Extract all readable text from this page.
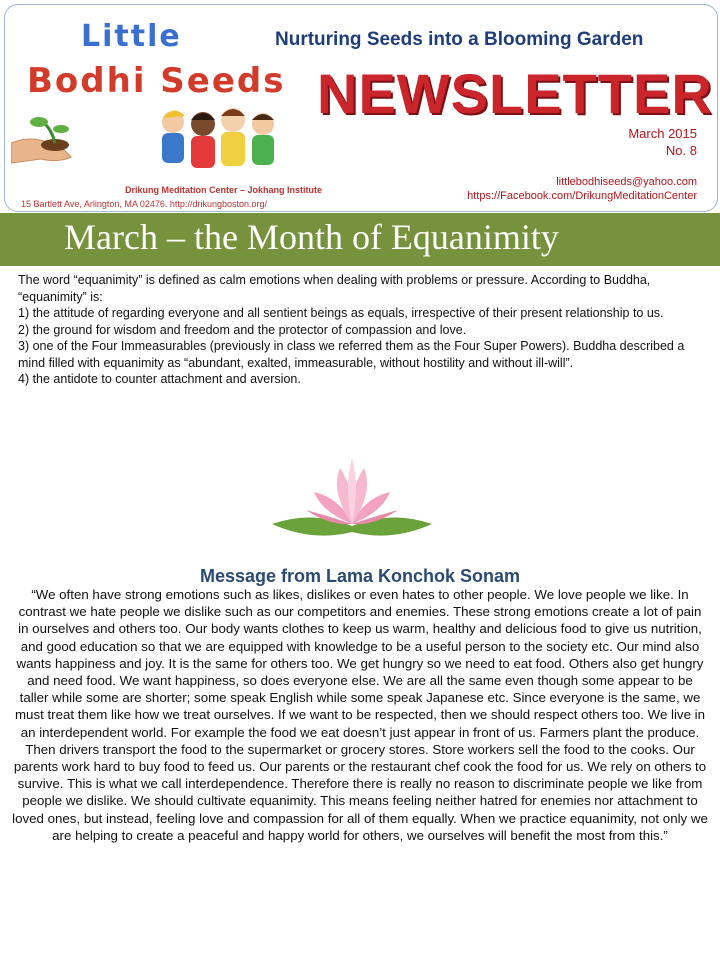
Little
Bodhi Seeds
Drikung Meditation Center – Jokhang Institute
15 Bartlett Ave, Arlington, MA 02476. http://drikungboston.org/
Nurturing Seeds into a Blooming Garden
NEWSLETTER
March 2015
No. 8
littlebodhiseeds@yahoo.com
https://Facebook.com/DrikungMeditationCenter
March – the Month of Equanimity

The word “equanimity” is defined as calm emotions when dealing with problems or pressure. According to Buddha, “equanimity” is:

1) the attitude of regarding everyone and all sentient beings as equals, irrespective of their present relationship to us.

2) the ground for wisdom and freedom and the protector of compassion and love.

3) one of the Four Immeasurables (previously in class we referred them as the Four Super Powers). Buddha described a mind filled with equanimity as “abundant, exalted, immeasurable, without hostility and without ill-will”.

4) the antidote to counter attachment and aversion.

Message from Lama Konchok Sonam
“We often have strong emotions such as likes, dislikes or even hates to other people. We love people we like. In contrast we hate people we dislike such as our competitors and enemies. These strong emotions create a lot of pain in ourselves and others too. Our body wants clothes to keep us warm, healthy and delicious food to give us nutrition, and good education so that we are equipped with knowledge to be a useful person to the society etc. Our mind also wants happiness and joy. It is the same for others too. We get hungry so we need to eat food. Others also get hungry and need food. We want happiness, so does everyone else. We are all the same even though some appear to be taller while some are shorter; some speak English while some speak Japanese etc. Since everyone is the same, we must treat them like how we treat ourselves. If we want to be respected, then we should respect others too. We live in an interdependent world. For example the food we eat doesn’t just appear in front of us. Farmers plant the produce. Then drivers transport the food to the supermarket or grocery stores. Store workers sell the food to the cooks. Our parents work hard to buy food to feed us. Our parents or the restaurant chef cook the food for us. We rely on others to survive. This is what we call interdependence. Therefore there is really no reason to discriminate people we like from people we dislike. We should cultivate equanimity. This means feeling neither hatred for enemies nor attachment to loved ones, but instead, feeling love and compassion for all of them equally. When we practice equanimity, not only we are helping to create a peaceful and happy world for others, we ourselves will benefit the most from this.”
